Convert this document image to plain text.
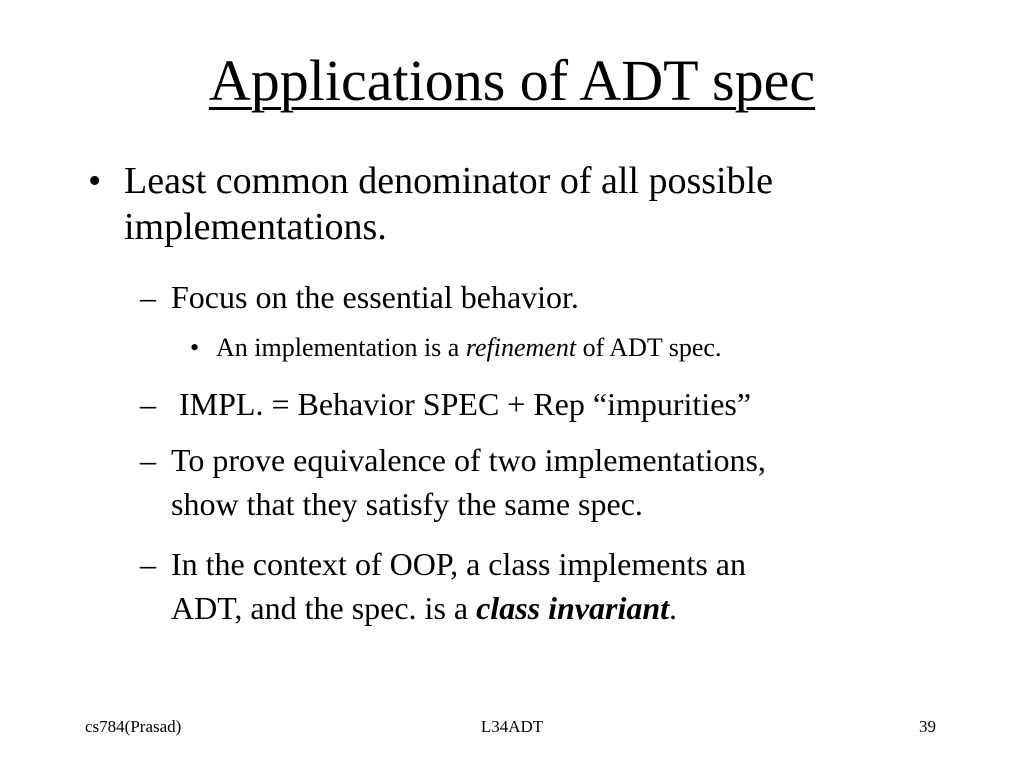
Applications of ADT spec
• Least common denominator of all possible
implementations.
– Focus on the essential behavior.
• An implementation is a refinement of ADT spec.
– IMPL. = Behavior SPEC + Rep “impurities”
– To prove equivalence of two implementations,
show that they satisfy the same spec.
– In the context of OOP, a class implements an
ADT, and the spec. is a class invariant.
cs784(Prasad)	L34ADT	39
